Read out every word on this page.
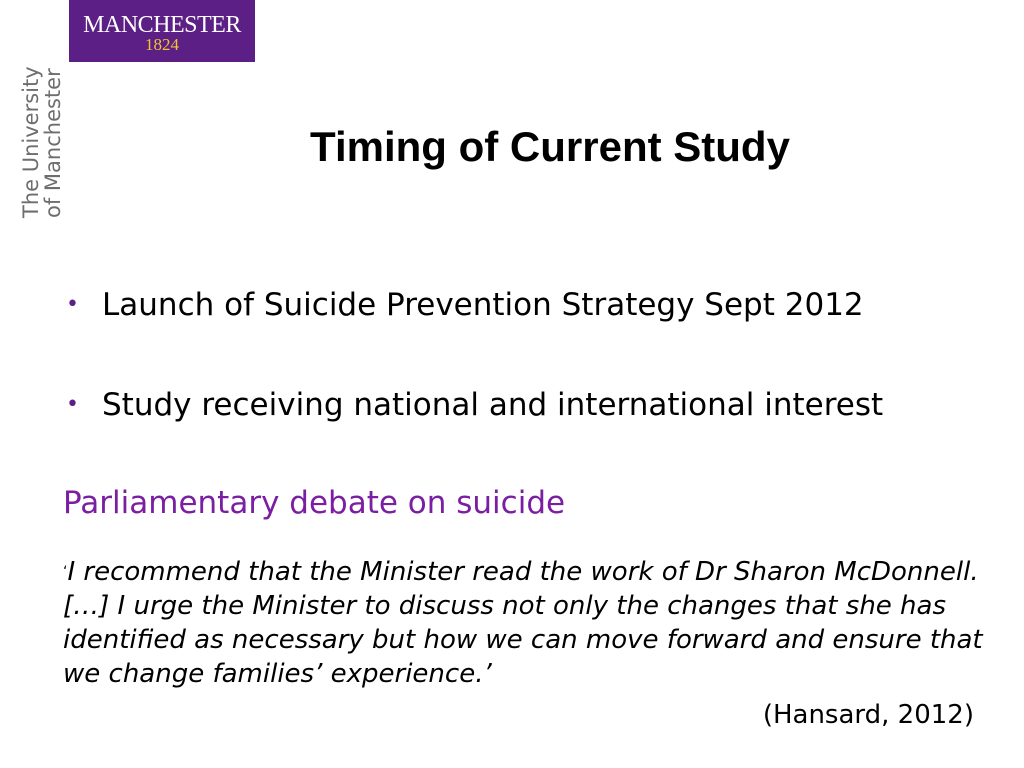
MANCHESTER
1824
The University
of Manchester	Timing of Current Study
• Launch of Suicide Prevention Strategy Sept 2012
• Study receiving national and international interest
Parliamentary debate on suicide

‘I recommend that the Minister read the work of Dr Sharon McDonnell. […] I urge the Minister to discuss not only the changes that she has identified as necessary but how we can move forward and ensure that we change families’ experience.’

(Hansard, 2012)
